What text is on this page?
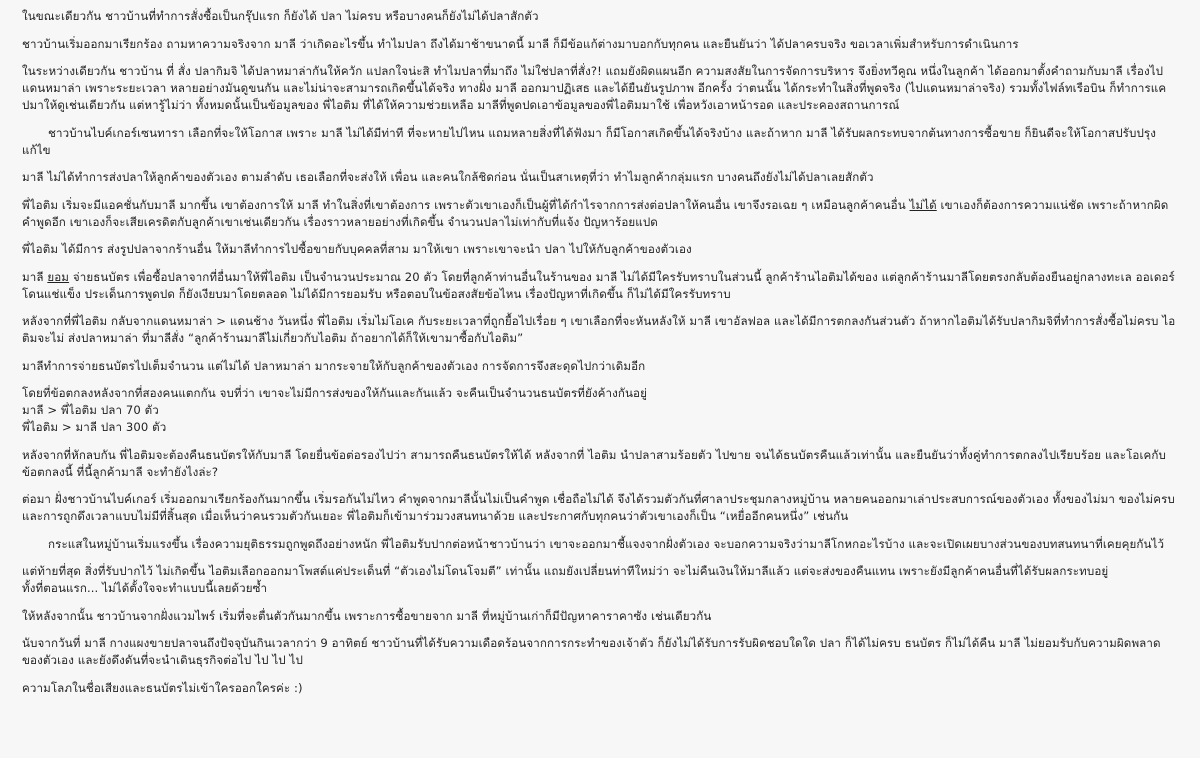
ในขณะเดียวกัน ชาวบ้านที่ทำการสั่งซื้อเป็นกรุ๊ปแรก ก็ยังได้ ปลา ไม่ครบ หรือบางคนก็ยังไม่ได้ปลาสักตัว

ชาวบ้านเริ่มออกมาเรียกร้อง ถามหาความจริงจาก มาลี ว่าเกิดอะไรขึ้น ทำไมปลา ถึงได้มาช้าขนาดนี้ มาลี ก็มีข้อแก้ต่างมาบอกกับทุกคน และยืนยันว่า ได้ปลาครบจริง ขอเวลาเพิ่มสำหรับการดำเนินการ

ในระหว่างเดียวกัน ชาวบ้าน ที่ สั่ง ปลากิมจิ ได้ปลาหมาล่ากันให้ควัก แปลกใจน่ะสิ ทำไมปลาที่มาถึง ไม่ใช่ปลาที่สั่ง?! แถมยังผิดแผนอีก ความสงสัยในการจัดการบริหาร จึงยิ่งทวีคูณ หนึ่งในลูกค้า ได้ออกมาตั้งคำถามกับมาลี เรื่องไปแดนหมาล่า เพราะระยะเวลา หลายอย่างมันดูขนกัน และไม่น่าจะสามารถเกิดขึ้นได้จริง ทางฝั่ง มาลี ออกมาปฏิเสธ และได้ยืนยันรูปภาพ อีกครั้ง ว่าตนนั้น ได้กระทำในสิ่งที่พูดจริง (ไปแดนหมาล่าจริง) รวมทั้งไฟล์ทเรือบิน ก็ทำการแคปมาให้ดูเช่นเดียวกัน แต่หารู้ไม่ว่า ทั้งหมดนั้นเป็นข้อมูลของ พี่ไอติม ที่ได้ให้ความช่วยเหลือ มาลีที่พูดปดเอาข้อมูลของพี่ไอติมมาใช้ เพื่อหวังเอาหน้ารอด และประคองสถานการณ์

ชาวบ้านไบค์เกอร์เซนทารา เลือกที่จะให้โอกาส เพราะ มาลี ไม่ได้มีท่าที ที่จะหายไปไหน แถมหลายสิ่งที่ได้ฟังมา ก็มีโอกาสเกิดขึ้นได้จริงบ้าง และถ้าหาก มาลี ได้รับผลกระทบจากต้นทางการซื้อขาย ก็ยินดีจะให้โอกาสปรับปรุงแก้ไข

มาลี ไม่ได้ทำการส่งปลาให้ลูกค้าของตัวเอง ตามลำดับ เธอเลือกที่จะส่งให้ เพื่อน และคนใกล้ชิดก่อน นั่นเป็นสาเหตุที่ว่า ทำไมลูกค้ากลุ่มแรก บางคนถึงยังไม่ได้ปลาเลยสักตัว

พี่ไอติม เริ่มจะมีแอคชั่นกับมาลี มากขึ้น เขาต้องการให้ มาลี ทำในสิ่งที่เขาต้องการ เพราะตัวเขาเองก็เป็นผู้ที่ได้กำไรจากการส่งต่อปลาให้คนอื่น เขาจึงรอเฉย ๆ เหมือนลูกค้าคนอื่น ไม่ได้ เขาเองก็ต้องการความแน่ชัด เพราะถ้าหากผิดคำพูดอีก เขาเองก็จะเสียเครดิตกับลูกค้าเขาเช่นเดียวกัน เรื่องราวหลายอย่างที่เกิดขึ้น จำนวนปลาไม่เท่ากับที่แจ้ง ปัญหาร้อยแปด

พี่ไอติม ได้มีการ ส่งรูปปลาจากร้านอื่น ให้มาลีทำการไปซื้อขายกับบุคคลที่สาม มาให้เขา เพราะเขาจะนำ ปลา ไปให้กับลูกค้าของตัวเอง

มาลี ยอม จ่ายธนบัตร เพื่อซื้อปลาจากที่อื่นมาให้พี่ไอติม เป็นจำนวนประมาณ 20 ตัว โดยที่ลูกค้าท่านอื่นในร้านของ มาลี ไม่ได้มีใครรับทราบในส่วนนี้ ลูกค้าร้านไอติมได้ของ แต่ลูกค้าร้านมาลีโดยตรงกลับต้องยืนอยู่กลางทะเล ออเดอร์โดนแช่แข็ง ประเด็นการพูดปด ก็ยังเงียบมาโดยตลอด ไม่ได้มีการยอมรับ หรือตอบในข้อสงสัยข้อไหน เรื่องปัญหาที่เกิดขึ้น ก็ไม่ได้มีใครรับทราบ

หลังจากที่พี่ไอติม กลับจากแดนหมาล่า > แดนช้าง วันหนึ่ง พี่ไอติม เริ่มไม่โอเค กับระยะเวลาที่ถูกยื้อไปเรื่อย ๆ เขาเลือกที่จะหันหลังให้ มาลี เขาอัลฟอล และได้มีการตกลงกันส่วนตัว ถ้าหากไอติมได้รับปลากิมจิที่ทำการสั่งซื้อไม่ครบ ไอติมจะไม่ ส่งปลาหมาล่า ที่มาลีสั่ง “ลูกค้าร้านมาลีไม่เกี่ยวกับไอติม ถ้าอยากได้ก็ให้เขามาซื้อกับไอติม”

มาลีทำการจ่ายธนบัตรไปเต็มจำนวน แต่ไม่ได้ ปลาหมาล่า มากระจายให้กับลูกค้าของตัวเอง การจัดการจึงสะดุดไปกว่าเดิมอีก

โดยที่ข้อตกลงหลังจากที่สองคนแตกกัน จบที่ว่า เขาจะไม่มีการส่งของให้กันและกันแล้ว จะคืนเป็นจำนวนธนบัตรที่ยังค้างกันอยู่
มาลี > พี่ไอติม ปลา 70 ตัว
พี่ไอติม > มาลี ปลา 300 ตัว

หลังจากที่หักลบกัน พี่ไอติมจะต้องคืนธนบัตรให้กับมาลี โดยยื่นข้อต่อรองไปว่า สามารถคืนธนบัตรให้ได้ หลังจากที่ ไอติม นำปลาสามร้อยตัว ไปขาย จนได้ธนบัตรคืนแล้วเท่านั้น และยืนยันว่าทั้งคู่ทำการตกลงไปเรียบร้อย และโอเคกับข้อตกลงนี้ ที่นี้ลูกค้ามาลี จะทำยังไงล่ะ?

ต่อมา ฝั่งชาวบ้านไบค์เกอร์ เริ่มออกมาเรียกร้องกันมากขึ้น เริ่มรอกันไม่ไหว คำพูดจากมาลีนั้นไม่เป็นคำพูด เชื่อถือไม่ได้ จึงได้รวมตัวกันที่ศาลาประชุมกลางหมู่บ้าน หลายคนออกมาเล่าประสบการณ์ของตัวเอง ทั้งของไม่มา ของไม่ครบ และการถูกดึงเวลาแบบไม่มีที่สิ้นสุด เมื่อเห็นว่าคนรวมตัวกันเยอะ พี่ไอติมก็เข้ามาร่วมวงสนทนาด้วย และประกาศกับทุกคนว่าตัวเขาเองก็เป็น “เหยื่ออีกคนหนึ่ง” เช่นกัน

กระแสในหมู่บ้านเริ่มแรงขึ้น เรื่องความยุติธรรมถูกพูดถึงอย่างหนัก พี่ไอติมรับปากต่อหน้าชาวบ้านว่า เขาจะออกมาชี้แจงจากฝั่งตัวเอง จะบอกความจริงว่ามาลีโกหกอะไรบ้าง และจะเปิดเผยบางส่วนของบทสนทนาที่เคยคุยกันไว้

แต่ท้ายที่สุด สิ่งที่รับปากไว้ ไม่เกิดขึ้น ไอติมเลือกออกมาโพสต์แค่ประเด็นที่ “ตัวเองไม่โดนโจมตี” เท่านั้น แถมยังเปลี่ยนท่าทีใหม่ว่า จะไม่คืนเงินให้มาลีแล้ว แต่จะส่งของคืนแทน เพราะยังมีลูกค้าคนอื่นที่ได้รับผลกระทบอยู่
ทั้งที่ตอนแรก... ไม่ได้ตั้งใจจะทำแบบนี้เลยด้วยซ้ำ

ให้หลังจากนั้น ชาวบ้านจากฝั่งแวมไพร์ เริ่มที่จะตื่นตัวกันมากขึ้น เพราะการซื้อขายจาก มาลี ที่หมู่บ้านเก่าก็มีปัญหาคาราคาซัง เช่นเดียวกัน

นับจากวันที่ มาลี กางแผงขายปลาจนถึงปัจจุบันกินเวลากว่า 9 อาทิตย์ ชาวบ้านที่ได้รับความเดือดร้อนจากการกระทำของเจ้าตัว ก็ยังไม่ได้รับการรับผิดชอบใดใด ปลา ก็ได้ไม่ครบ ธนบัตร ก็ไม่ได้คืน มาลี ไม่ยอมรับกับความผิดพลาดของตัวเอง และยังดึงดันที่จะนำเดินธุรกิจต่อไป ไป ไป ไป

ความโลภในชื่อเสียงและธนบัตรไม่เข้าใครออกใครค่ะ :)
